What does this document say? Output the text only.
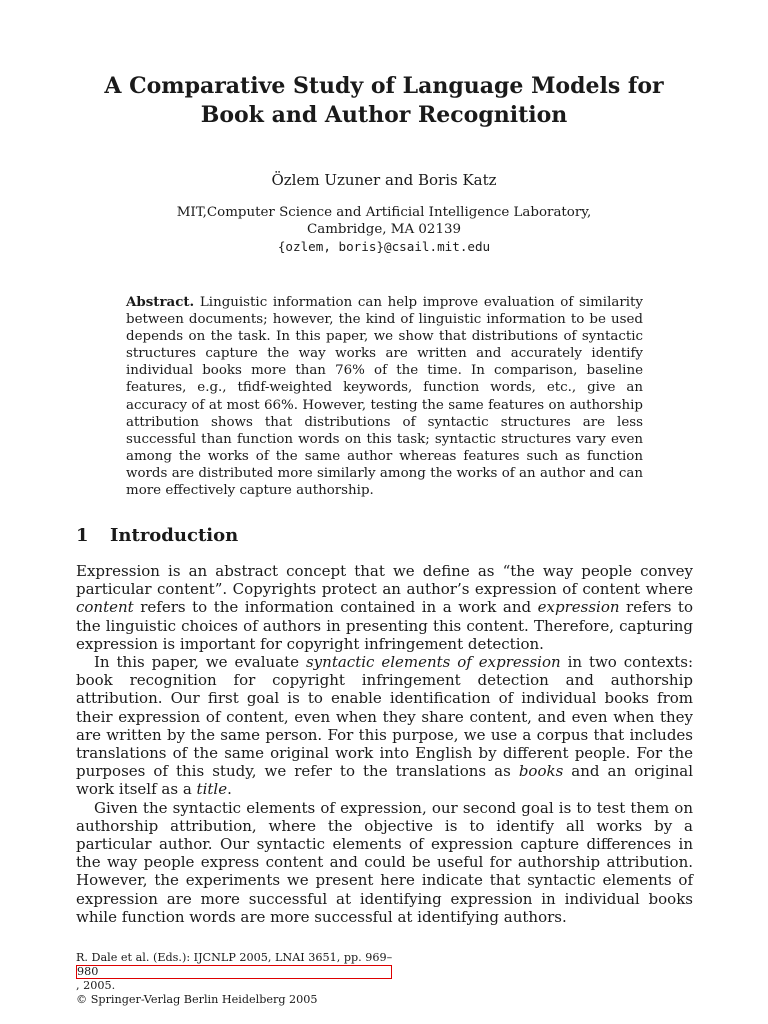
A Comparative Study of Language Models for
Book and Author Recognition
Özlem Uzuner and Boris Katz
MIT,Computer Science and Artificial Intelligence Laboratory,
Cambridge, MA 02139
{ozlem, boris}@csail.mit.edu
Abstract. Linguistic information can help improve evaluation of similarity between documents; however, the kind of linguistic information to be used depends on the task. In this paper, we show that distributions of syntactic structures capture the way works are written and accurately identify individual books more than 76% of the time. In comparison, baseline features, e.g., tfidf-weighted keywords, function words, etc., give an accuracy of at most 66%. However, testing the same features on authorship attribution shows that distributions of syntactic structures are less successful than function words on this task; syntactic structures vary even among the works of the same author whereas features such as function words are distributed more similarly among the works of an author and can more effectively capture authorship.
1 Introduction

Expression is an abstract concept that we define as “the way people convey particular content”. Copyrights protect an author’s expression of content where content refers to the information contained in a work and expression refers to the linguistic choices of authors in presenting this content. Therefore, capturing expression is important for copyright infringement detection.

In this paper, we evaluate syntactic elements of expression in two contexts: book recognition for copyright infringement detection and authorship attribution. Our first goal is to enable identification of individual books from their expression of content, even when they share content, and even when they are written by the same person. For this purpose, we use a corpus that includes translations of the same original work into English by different people. For the purposes of this study, we refer to the translations as books and an original work itself as a title.

Given the syntactic elements of expression, our second goal is to test them on authorship attribution, where the objective is to identify all works by a particular author. Our syntactic elements of expression capture differences in the way people express content and could be useful for authorship attribution. However, the experiments we present here indicate that syntactic elements of expression are more successful at identifying expression in individual books while function words are more successful at identifying authors.

R. Dale et al. (Eds.): IJCNLP 2005, LNAI 3651, pp. 969–
980
, 2005.
© Springer-Verlag Berlin Heidelberg 2005
